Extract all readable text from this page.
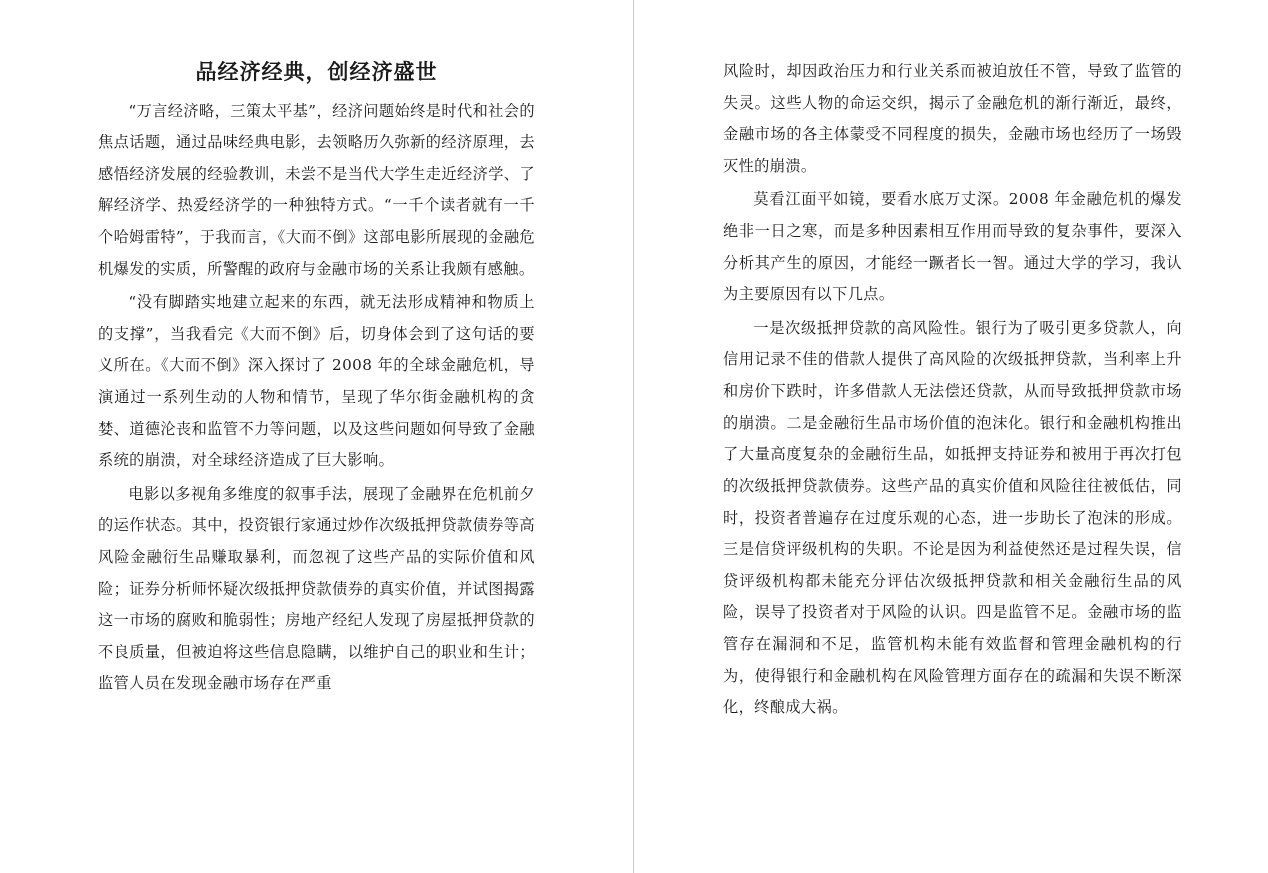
品经济经典，创经济盛世

“万言经济略，三策太平基”，经济问题始终是时代和社会的焦点话题，通过品味经典电影，去领略历久弥新的经济原理，去感悟经济发展的经验教训，未尝不是当代大学生走近经济学、了解经济学、热爱经济学的一种独特方式。“一千个读者就有一千个哈姆雷特”，于我而言，《大而不倒》这部电影所展现的金融危机爆发的实质，所警醒的政府与金融市场的关系让我颇有感触。

“没有脚踏实地建立起来的东西，就无法形成精神和物质上的支撑”，当我看完《大而不倒》后，切身体会到了这句话的要义所在。《大而不倒》深入探讨了 2008 年的全球金融危机，导演通过一系列生动的人物和情节，呈现了华尔街金融机构的贪婪、道德沦丧和监管不力等问题，以及这些问题如何导致了金融系统的崩溃，对全球经济造成了巨大影响。

电影以多视角多维度的叙事手法，展现了金融界在危机前夕的运作状态。其中，投资银行家通过炒作次级抵押贷款债券等高风险金融衍生品赚取暴利，而忽视了这些产品的实际价值和风险；证券分析师怀疑次级抵押贷款债券的真实价值，并试图揭露这一市场的腐败和脆弱性；房地产经纪人发现了房屋抵押贷款的不良质量，但被迫将这些信息隐瞒，以维护自己的职业和生计；监管人员在发现金融市场存在严重

风险时，却因政治压力和行业关系而被迫放任不管，导致了监管的失灵。这些人物的命运交织，揭示了金融危机的渐行渐近，最终，金融市场的各主体蒙受不同程度的损失，金融市场也经历了一场毁灭性的崩溃。

莫看江面平如镜，要看水底万丈深。2008 年金融危机的爆发绝非一日之寒，而是多种因素相互作用而导致的复杂事件，要深入分析其产生的原因，才能经一蹶者长一智。通过大学的学习，我认为主要原因有以下几点。

一是次级抵押贷款的高风险性。银行为了吸引更多贷款人，向信用记录不佳的借款人提供了高风险的次级抵押贷款，当利率上升和房价下跌时，许多借款人无法偿还贷款，从而导致抵押贷款市场的崩溃。二是金融衍生品市场价值的泡沫化。银行和金融机构推出了大量高度复杂的金融衍生品，如抵押支持证券和被用于再次打包的次级抵押贷款债券。这些产品的真实价值和风险往往被低估，同时，投资者普遍存在过度乐观的心态，进一步助长了泡沫的形成。三是信贷评级机构的失职。不论是因为利益使然还是过程失误，信贷评级机构都未能充分评估次级抵押贷款和相关金融衍生品的风险，误导了投资者对于风险的认识。四是监管不足。金融市场的监管存在漏洞和不足，监管机构未能有效监督和管理金融机构的行为，使得银行和金融机构在风险管理方面存在的疏漏和失误不断深化，终酿成大祸。
